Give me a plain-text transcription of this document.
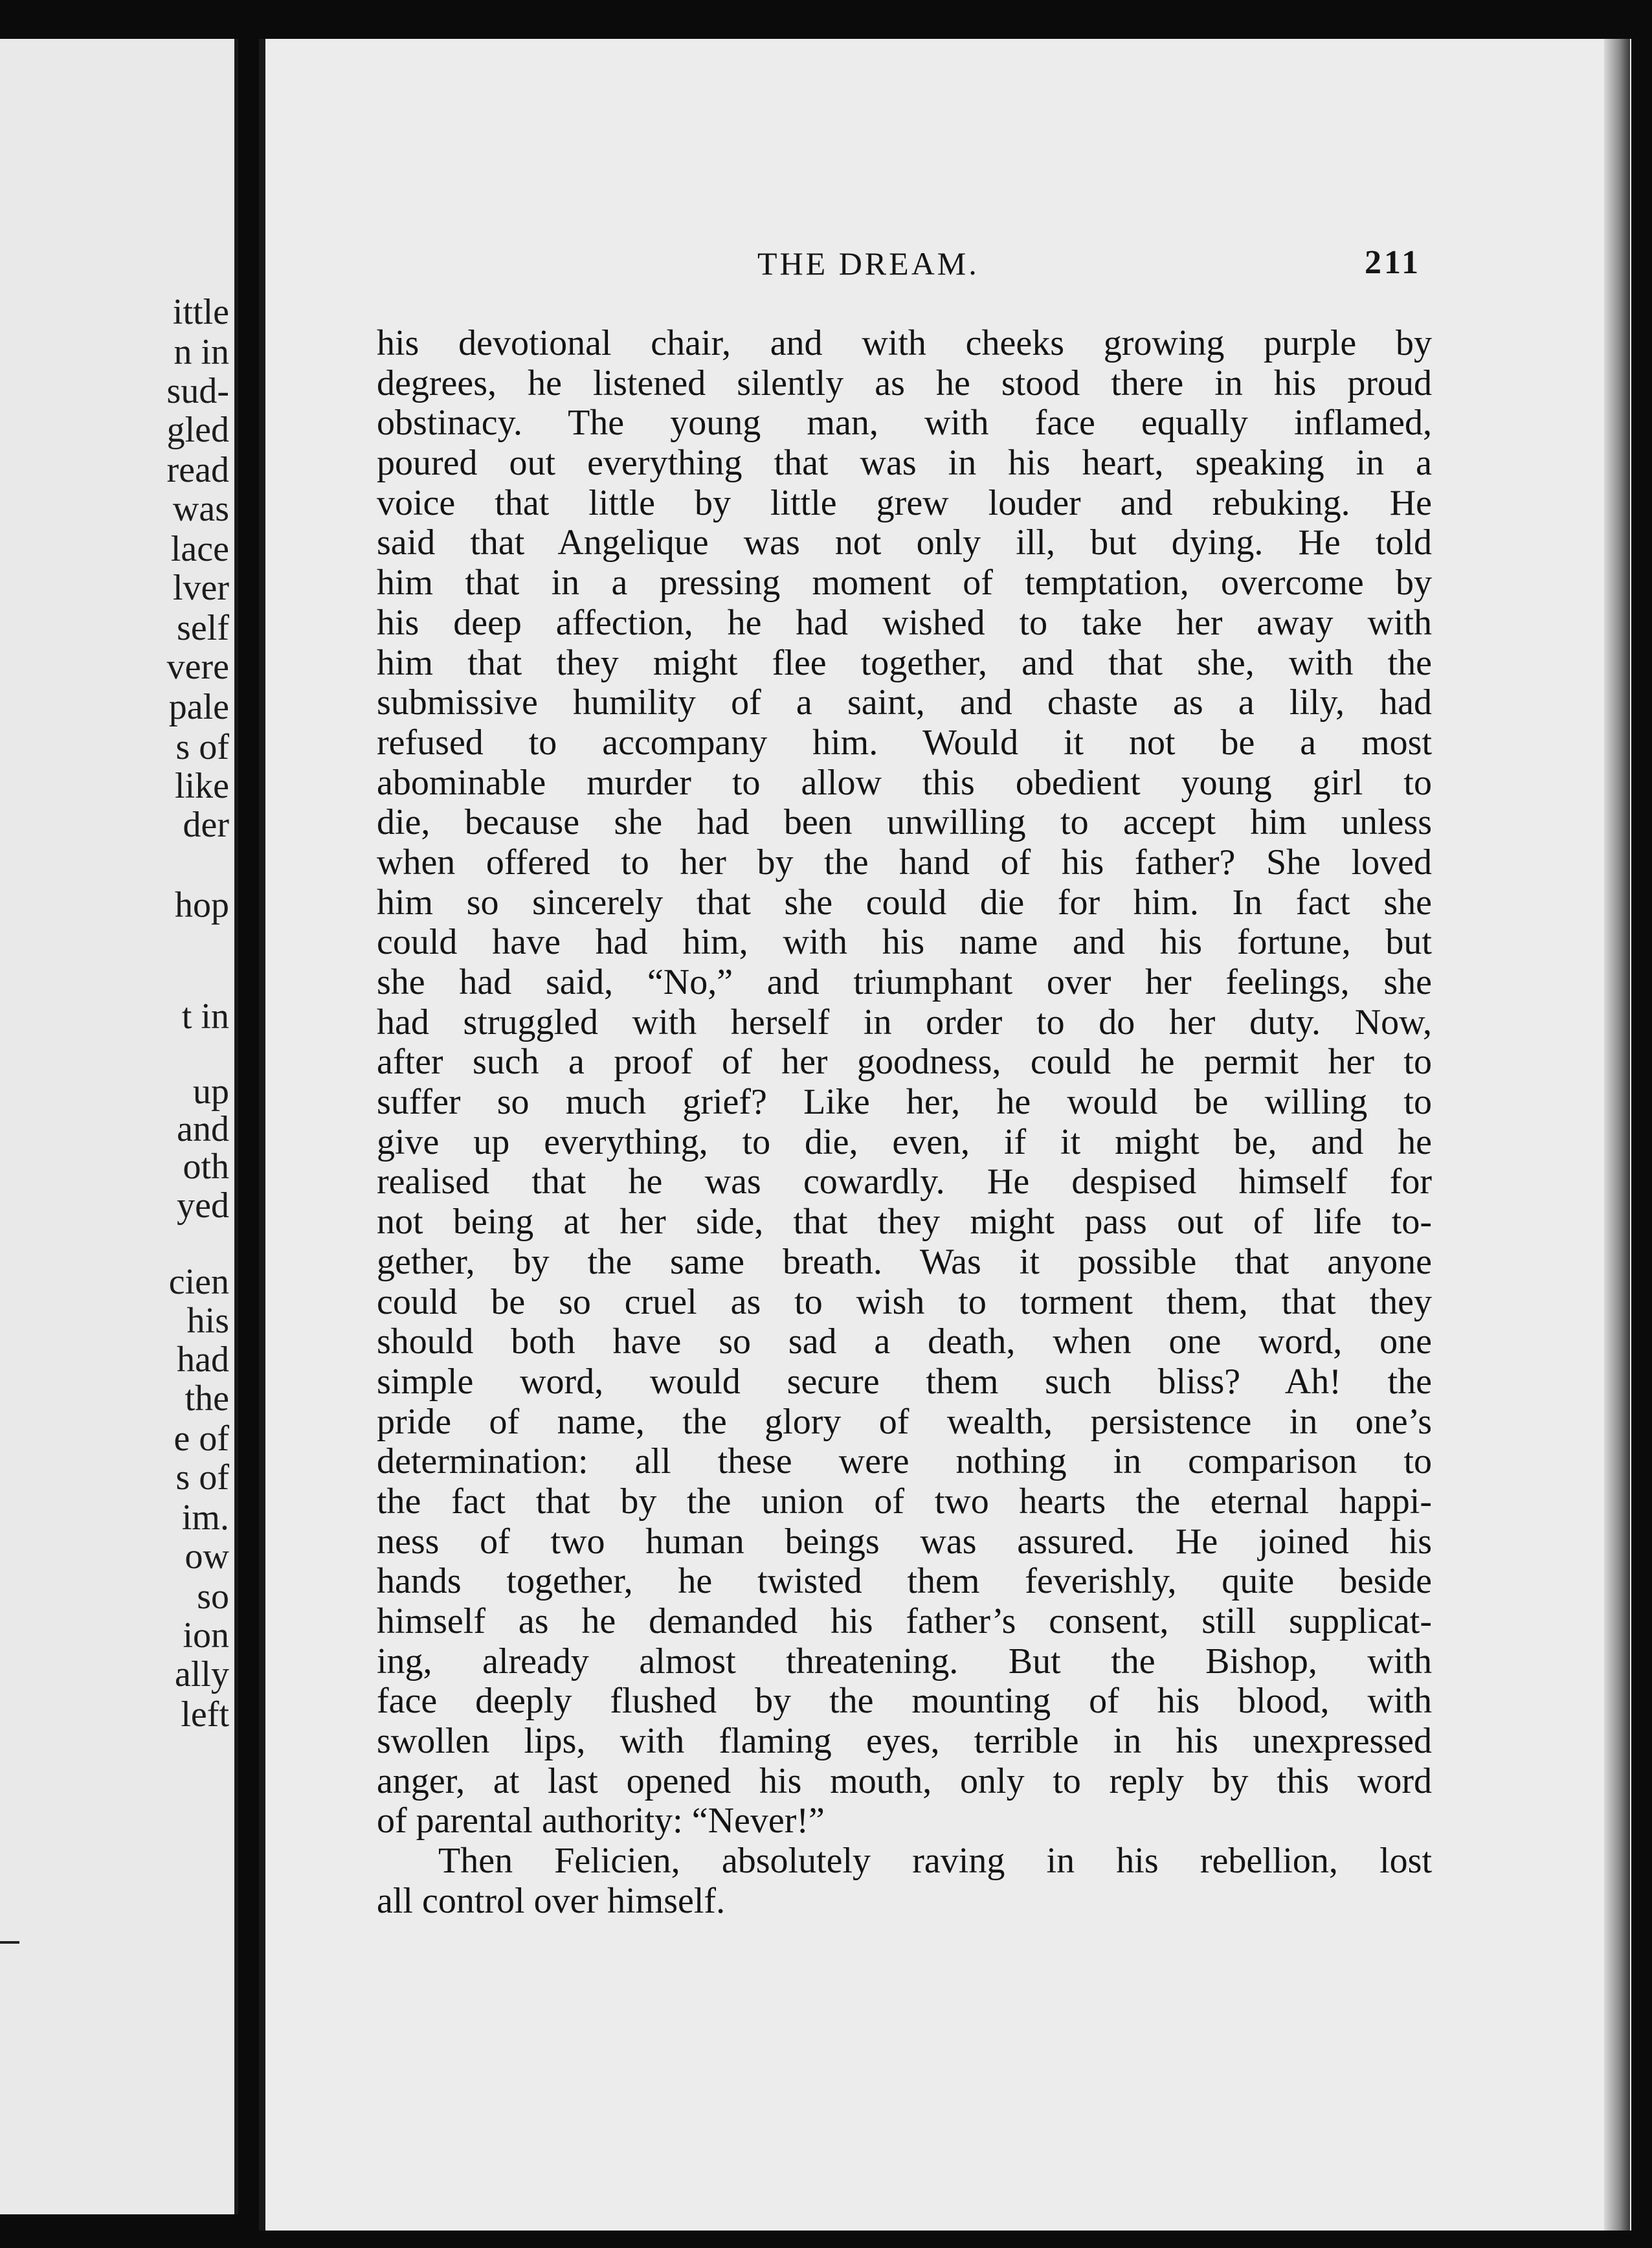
ittle
n in
sud-
gled
read
was
lace
lver
self
vere
pale
s of
like
der
hop
t in
up
and
oth
yed
cien
his
had
the
e of
s of
im.
ow
so
ion
ally
left
THE DREAM.	211
his devotional chair, and with cheeks growing purple by
degrees, he listened silently as he stood there in his proud
obstinacy. The young man, with face equally inflamed,
poured out everything that was in his heart, speaking in a
voice that little by little grew louder and rebuking. He
said that Angelique was not only ill, but dying. He told
him that in a pressing moment of temptation, overcome by
his deep affection, he had wished to take her away with
him that they might flee together, and that she, with the
submissive humility of a saint, and chaste as a lily, had
refused to accompany him. Would it not be a most
abominable murder to allow this obedient young girl to
die, because she had been unwilling to accept him unless
when offered to her by the hand of his father? She loved
him so sincerely that she could die for him. In fact she
could have had him, with his name and his fortune, but
she had said, “No,” and triumphant over her feelings, she
had struggled with herself in order to do her duty. Now,
after such a proof of her goodness, could he permit her to
suffer so much grief? Like her, he would be willing to
give up everything, to die, even, if it might be, and he
realised that he was cowardly. He despised himself for
not being at her side, that they might pass out of life to-
gether, by the same breath. Was it possible that anyone
could be so cruel as to wish to torment them, that they
should both have so sad a death, when one word, one
simple word, would secure them such bliss? Ah! the
pride of name, the glory of wealth, persistence in one’s
determination: all these were nothing in comparison to
the fact that by the union of two hearts the eternal happi-
ness of two human beings was assured. He joined his
hands together, he twisted them feverishly, quite beside
himself as he demanded his father’s consent, still supplicat-
ing, already almost threatening. But the Bishop, with
face deeply flushed by the mounting of his blood, with
swollen lips, with flaming eyes, terrible in his unexpressed
anger, at last opened his mouth, only to reply by this word
of parental authority: “Never!”
Then Felicien, absolutely raving in his rebellion, lost
all control over himself.
